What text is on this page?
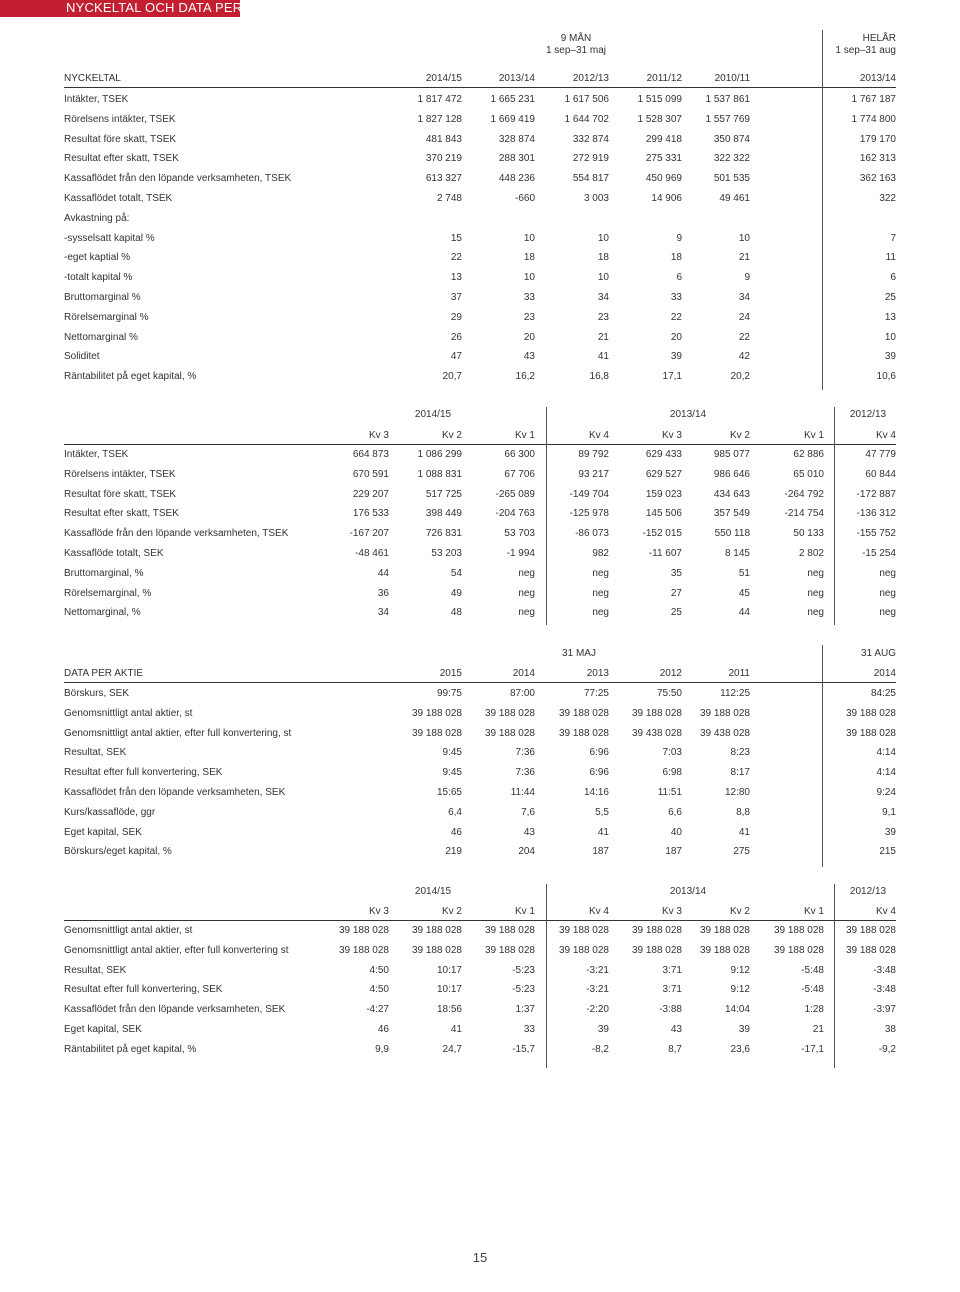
NYCKELTAL OCH DATA PER AKTIE
9 MÅN
1 sep–31 maj
HELÅR
1 sep–31 aug
NYCKELTAL	2014/15	2013/14	2012/13	2011/12	2010/11	2013/14
Intäkter, TSEK	1 817 472	1 665 231	1 617 506	1 515 099	1 537 861	1 767 187
Rörelsens intäkter, TSEK	1 827 128	1 669 419	1 644 702	1 528 307	1 557 769	1 774 800
Resultat före skatt, TSEK	481 843	328 874	332 874	299 418	350 874	179 170
Resultat efter skatt, TSEK	370 219	288 301	272 919	275 331	322 322	162 313
Kassaflödet från den löpande verksamheten, TSEK	613 327	448 236	554 817	450 969	501 535	362 163
Kassaflödet totalt, TSEK	2 748	-660	3 003	14 906	49 461	322
Avkastning på:
-sysselsatt kapital %	15	10	10	9	10	7
-eget kaptial %	22	18	18	18	21	11
-totalt kapital %	13	10	10	6	9	6
Bruttomarginal %	37	33	34	33	34	25
Rörelsemarginal %	29	23	23	22	24	13
Nettomarginal %	26	20	21	20	22	10
Soliditet	47	43	41	39	42	39
Räntabilitet på eget kapital, %	20,7	16,2	16,8	17,1	20,2	10,6
2014/15	2013/14	2012/13
Kv 3	Kv 2	Kv 1	Kv 4	Kv 3	Kv 2	Kv 1	Kv 4
Intäkter, TSEK	664 873	1 086 299	66 300	89 792	629 433	985 077	62 886	47 779
Rörelsens intäkter, TSEK	670 591	1 088 831	67 706	93 217	629 527	986 646	65 010	60 844
Resultat före skatt, TSEK	229 207	517 725	-265 089	-149 704	159 023	434 643	-264 792	-172 887
Resultat efter skatt, TSEK	176 533	398 449	-204 763	-125 978	145 506	357 549	-214 754	-136 312
Kassaflöde från den löpande verksamheten, TSEK	-167 207	726 831	53 703	-86 073	-152 015	550 118	50 133	-155 752
Kassaflöde totalt, SEK	-48 461	53 203	-1 994	982	-11 607	8 145	2 802	-15 254
Bruttomarginal, %	44	54	neg	neg	35	51	neg	neg
Rörelsemarginal, %	36	49	neg	neg	27	45	neg	neg
Nettomarginal, %	34	48	neg	neg	25	44	neg	neg
31 MAJ	31 AUG
DATA PER AKTIE	2015	2014	2013	2012	2011	2014
Börskurs, SEK	99:75	87:00	77:25	75:50	112:25	84:25
Genomsnittligt antal aktier, st	39 188 028	39 188 028	39 188 028	39 188 028	39 188 028	39 188 028
Genomsnittligt antal aktier, efter full konvertering, st	39 188 028	39 188 028	39 188 028	39 438 028	39 438 028	39 188 028
Resultat, SEK	9:45	7:36	6:96	7:03	8:23	4:14
Resultat efter full konvertering, SEK	9:45	7:36	6:96	6:98	8:17	4:14
Kassaflödet från den löpande verksamheten, SEK	15:65	11:44	14:16	11:51	12:80	9:24
Kurs/kassaflöde, ggr	6,4	7,6	5,5	6,6	8,8	9,1
Eget kapital, SEK	46	43	41	40	41	39
Börskurs/eget kapital, %	219	204	187	187	275	215
2014/15	2013/14	2012/13
Kv 3	Kv 2	Kv 1	Kv 4	Kv 3	Kv 2	Kv 1	Kv 4
Genomsnittligt antal aktier, st	39 188 028	39 188 028	39 188 028	39 188 028	39 188 028	39 188 028	39 188 028	39 188 028
Genomsnittligt antal aktier, efter full konvertering st	39 188 028	39 188 028	39 188 028	39 188 028	39 188 028	39 188 028	39 188 028	39 188 028
Resultat, SEK	4:50	10:17	-5:23	-3:21	3:71	9:12	-5:48	-3:48
Resultat efter full konvertering, SEK	4:50	10:17	-5:23	-3:21	3:71	9:12	-5:48	-3:48
Kassaflödet från den löpande verksamheten, SEK	-4:27	18:56	1:37	-2:20	-3:88	14:04	1:28	-3:97
Eget kapital, SEK	46	41	33	39	43	39	21	38
Räntabilitet på eget kapital, %	9,9	24,7	-15,7	-8,2	8,7	23,6	-17,1	-9,2
15
